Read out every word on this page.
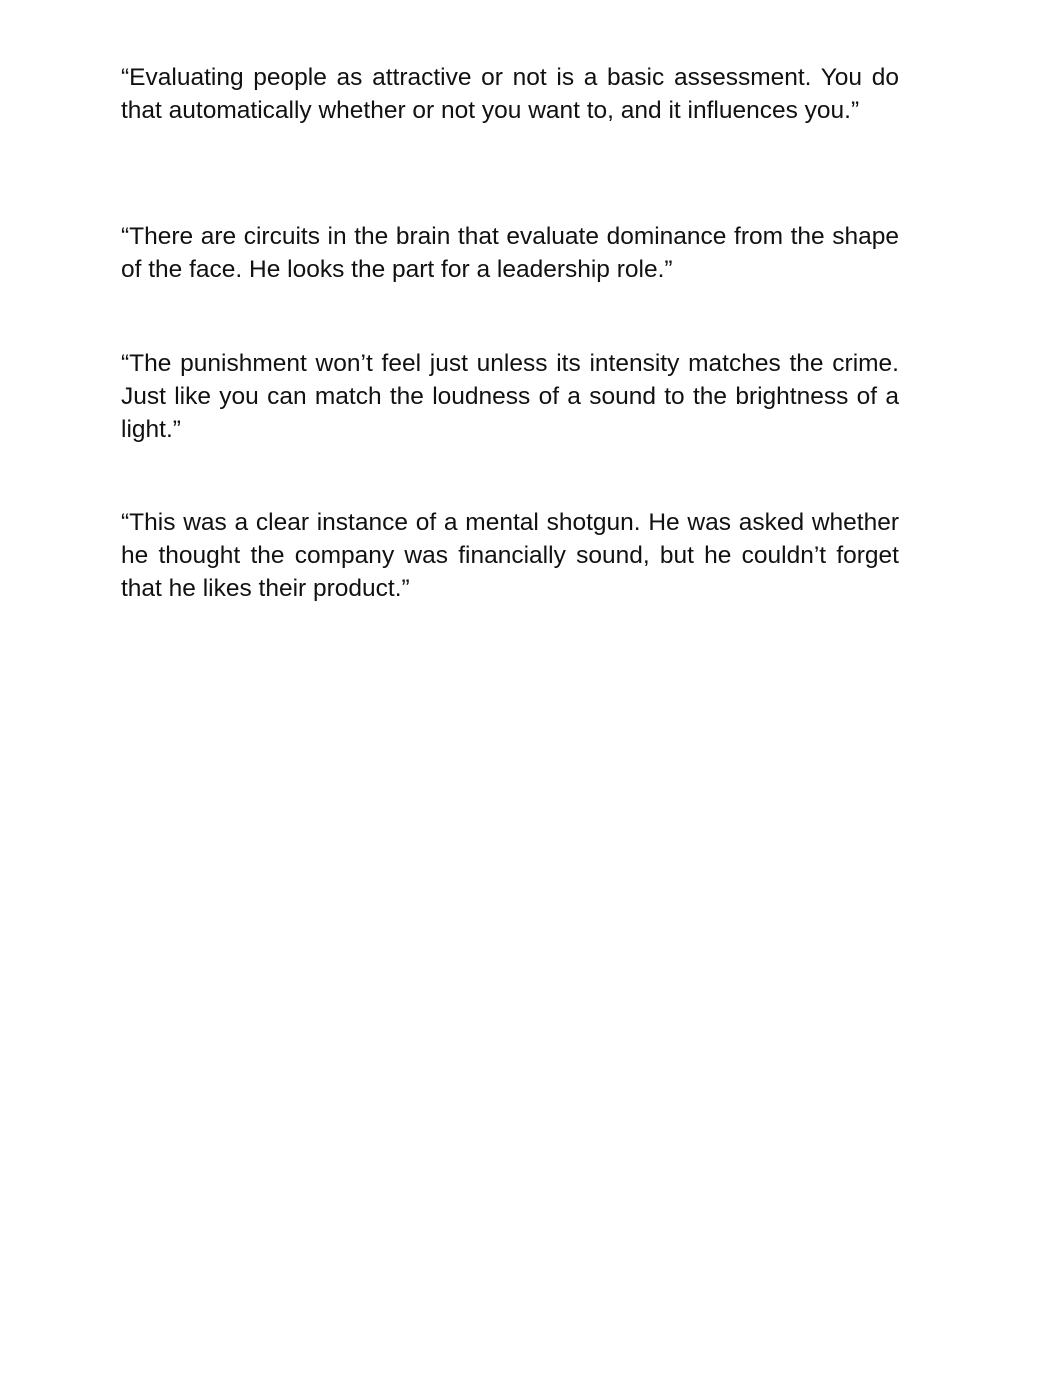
“Evaluating people as attractive or not is a basic assessment. You do that automatically whether or not you want to, and it influences you.”

“There are circuits in the brain that evaluate dominance from the shape of the face. He looks the part for a leadership role.”

“The punishment won’t feel just unless its intensity matches the crime. Just like you can match the loudness of a sound to the brightness of a light.”

“This was a clear instance of a mental shotgun. He was asked whether he thought the company was financially sound, but he couldn’t forget that he likes their product.”
